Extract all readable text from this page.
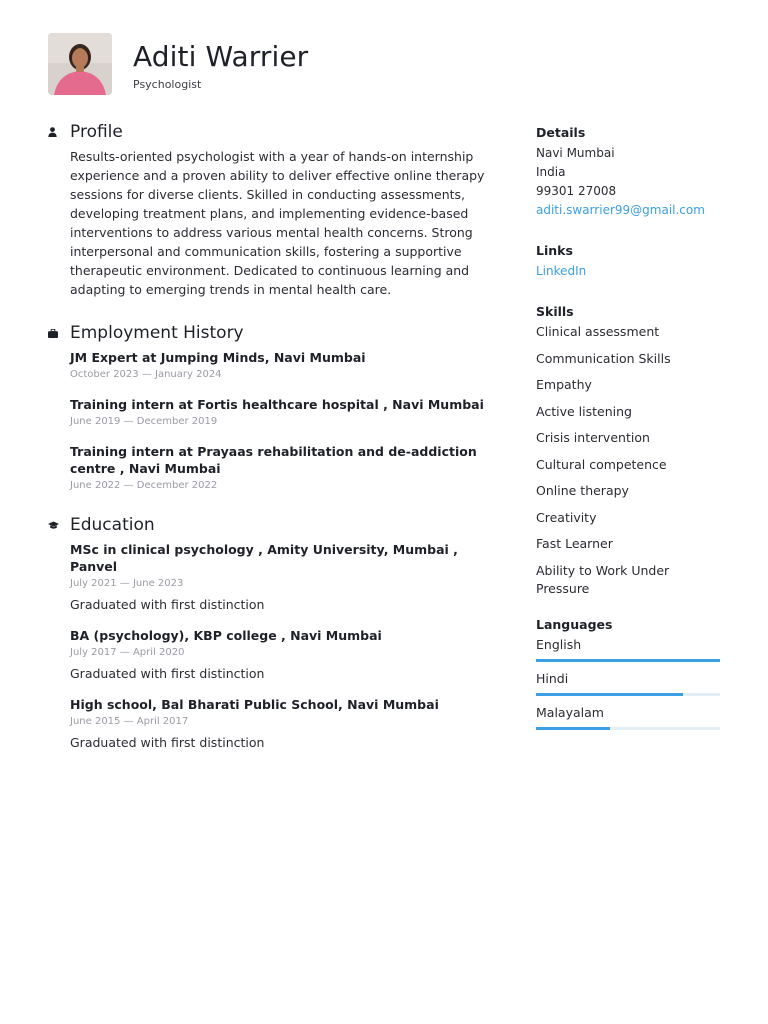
Aditi Warrier
Psychologist
Profile
Results-oriented psychologist with a year of hands-on internship experience and a proven ability to deliver effective online therapy sessions for diverse clients. Skilled in conducting assessments, developing treatment plans, and implementing evidence-based interventions to address various mental health concerns. Strong interpersonal and communication skills, fostering a supportive therapeutic environment. Dedicated to continuous learning and adapting to emerging trends in mental health care.
Employment History
JM Expert at Jumping Minds, Navi Mumbai
October 2023 — January 2024
Training intern at Fortis healthcare hospital , Navi Mumbai
June 2019 — December 2019
Training intern at Prayaas rehabilitation and de-addiction centre , Navi Mumbai
June 2022 — December 2022
Education
MSc in clinical psychology , Amity University, Mumbai , Panvel
July 2021 — June 2023
Graduated with first distinction
BA (psychology), KBP college , Navi Mumbai
July 2017 — April 2020
Graduated with first distinction
High school, Bal Bharati Public School, Navi Mumbai
June 2015 — April 2017
Graduated with first distinction
Details
Navi Mumbai
India
99301 27008
aditi.swarrier99@gmail.com
Links
LinkedIn
Skills
Clinical assessment
Communication Skills
Empathy
Active listening
Crisis intervention
Cultural competence
Online therapy
Creativity
Fast Learner
Ability to Work Under Pressure
Languages
English
Hindi
Malayalam
